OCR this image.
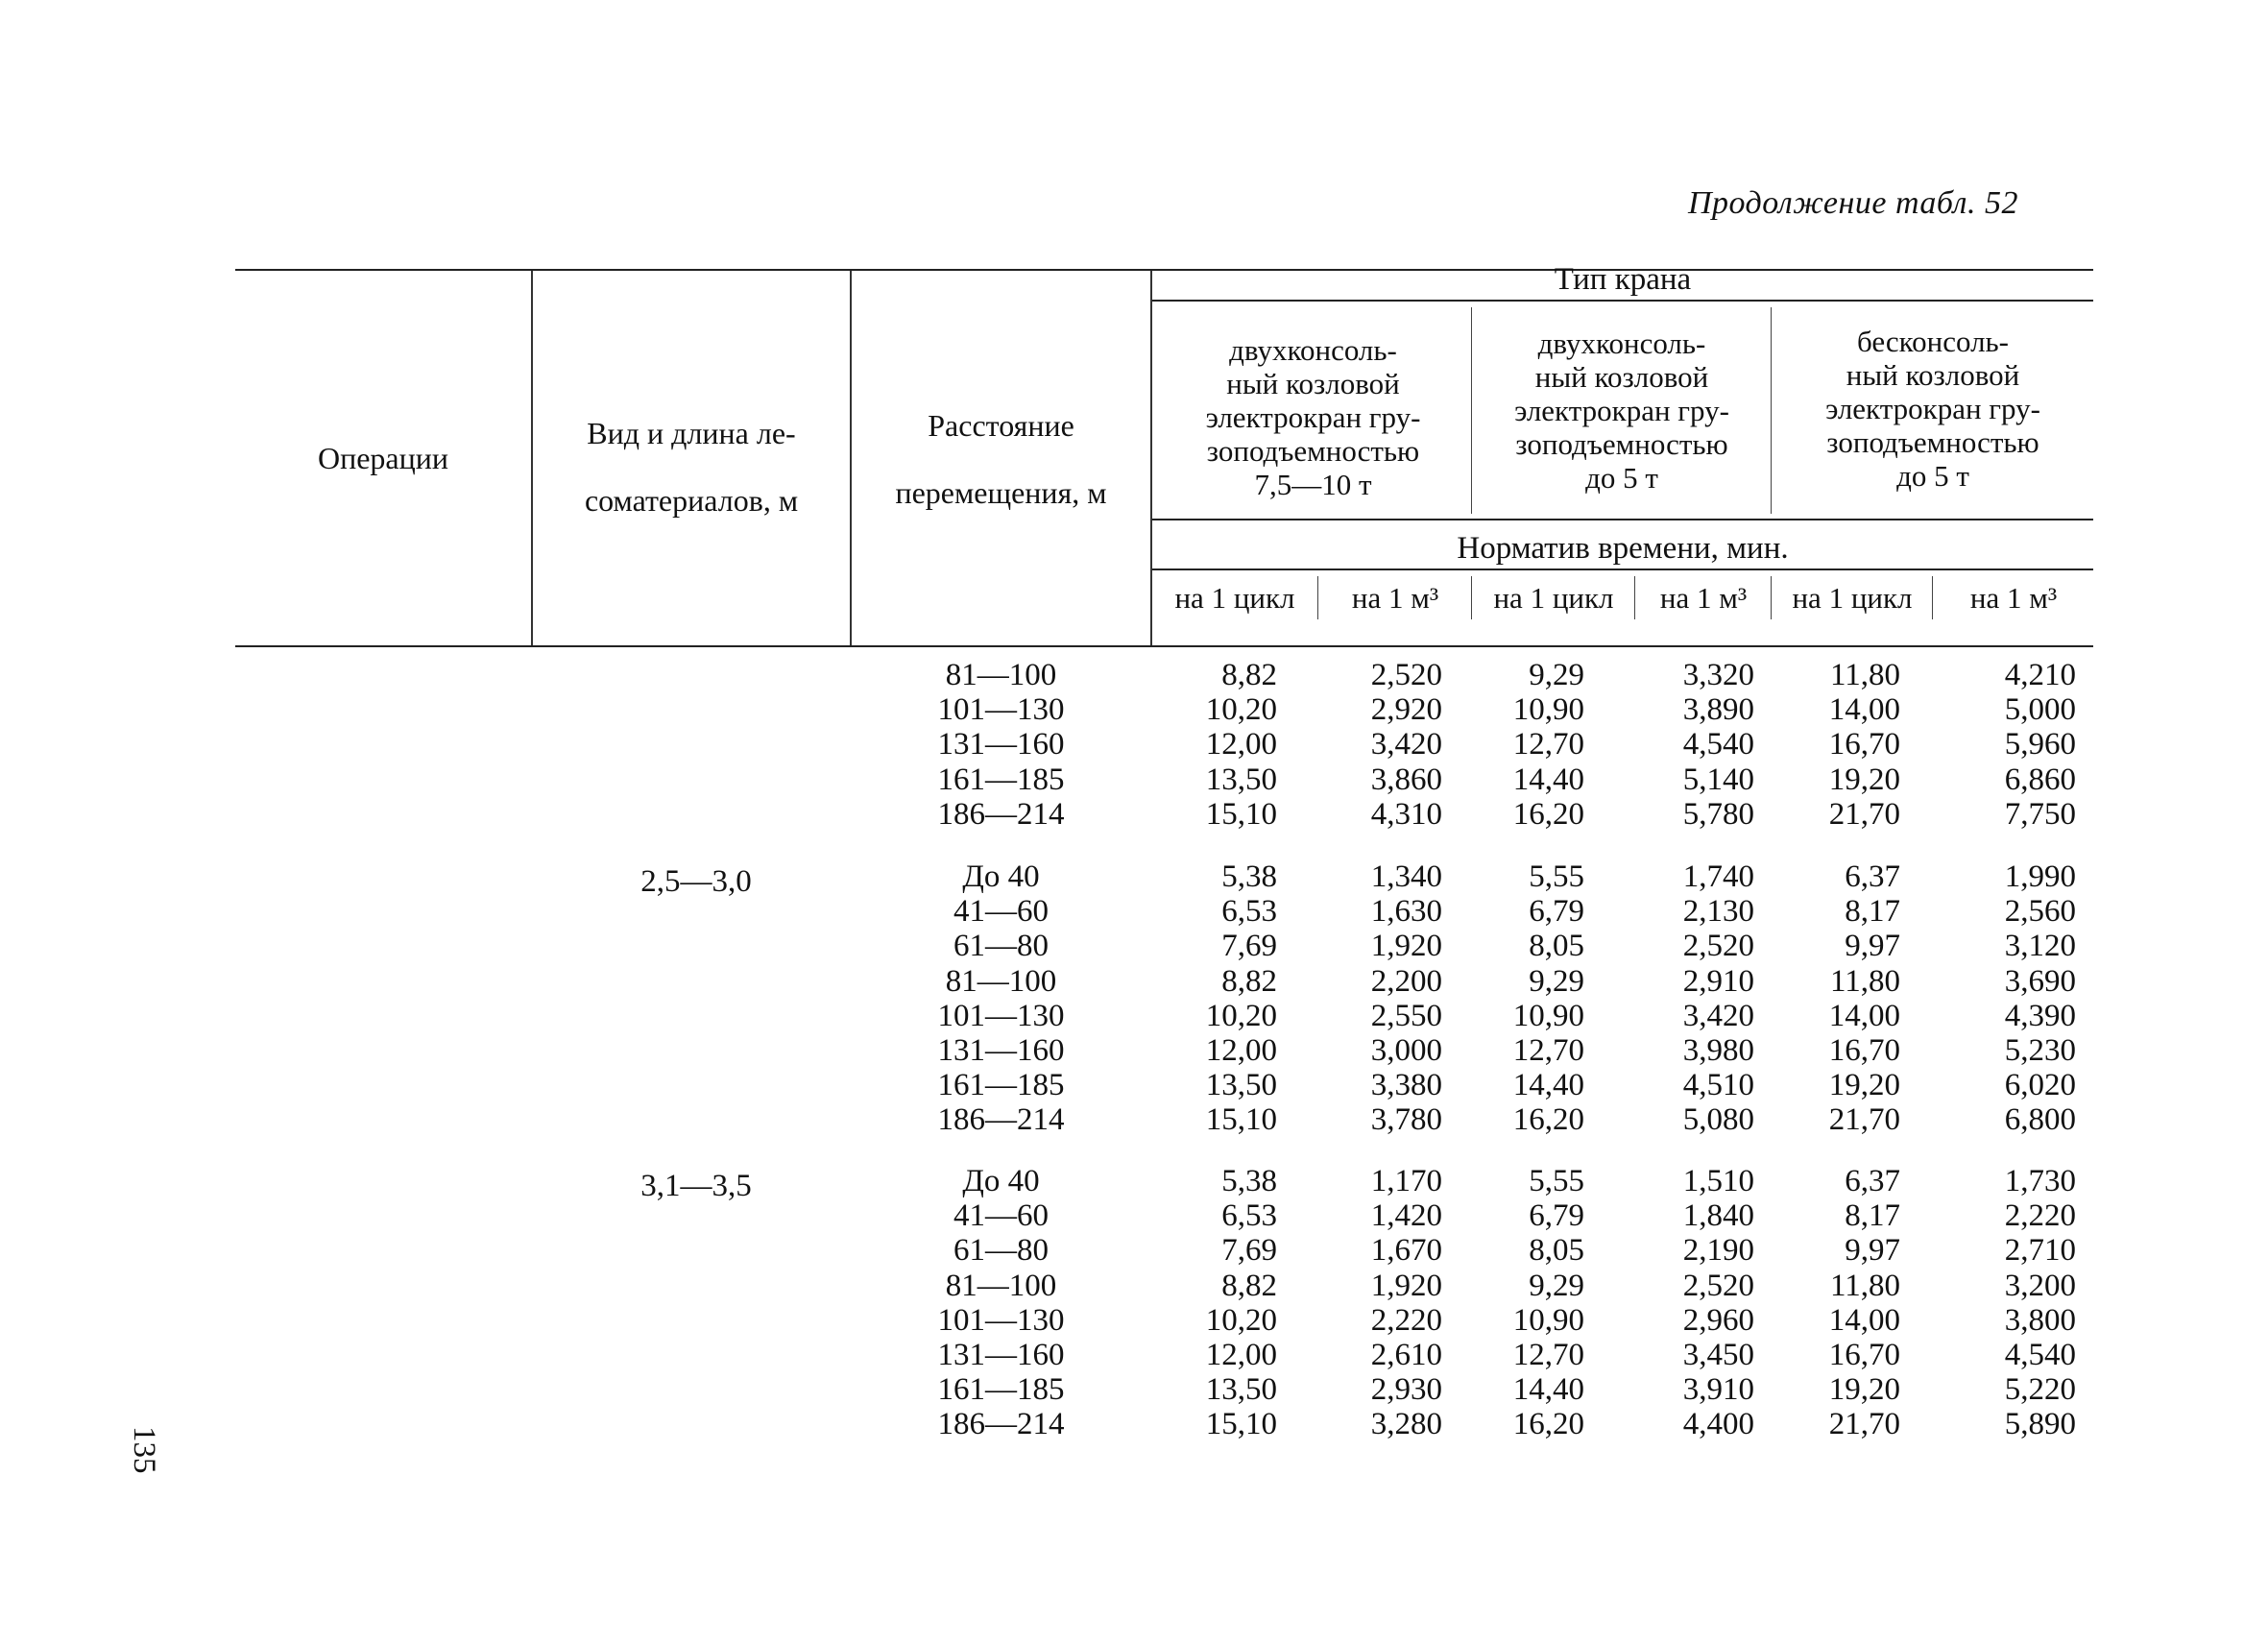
Продолжение табл. 52
Операции
Вид и длина ле-
соматериалов, м
Расстояние
перемещения, м
Тип крана
двухконсоль-
ный козловой
электрокран гру-
зоподъемностью
7,5—10 т
двухконсоль-
ный козловой
электрокран гру-
зоподъемностью
до 5 т
бесконсоль-
ный козловой
электрокран гру-
зоподъемностью
до 5 т
Норматив времени, мин.
на 1 цикл	на 1 м³	на 1 цикл	на 1 м³	на 1 цикл	на 1 м³
81—100	8,82	2,520	9,29	3,320	11,80	4,210
101—130	10,20	2,920	10,90	3,890	14,00	5,000
131—160	12,00	3,420	12,70	4,540	16,70	5,960
161—185	13,50	3,860	14,40	5,140	19,20	6,860
186—214	15,10	4,310	16,20	5,780	21,70	7,750
2,5—3,0	До 40	5,38	1,340	5,55	1,740	6,37	1,990
41—60	6,53	1,630	6,79	2,130	8,17	2,560
61—80	7,69	1,920	8,05	2,520	9,97	3,120
81—100	8,82	2,200	9,29	2,910	11,80	3,690
101—130	10,20	2,550	10,90	3,420	14,00	4,390
131—160	12,00	3,000	12,70	3,980	16,70	5,230
161—185	13,50	3,380	14,40	4,510	19,20	6,020
186—214	15,10	3,780	16,20	5,080	21,70	6,800
3,1—3,5	До 40	5,38	1,170	5,55	1,510	6,37	1,730
41—60	6,53	1,420	6,79	1,840	8,17	2,220
61—80	7,69	1,670	8,05	2,190	9,97	2,710
81—100	8,82	1,920	9,29	2,520	11,80	3,200
101—130	10,20	2,220	10,90	2,960	14,00	3,800
131—160	12,00	2,610	12,70	3,450	16,70	4,540
161—185	13,50	2,930	14,40	3,910	19,20	5,220
186—214	15,10	3,280	16,20	4,400	21,70	5,890
135
